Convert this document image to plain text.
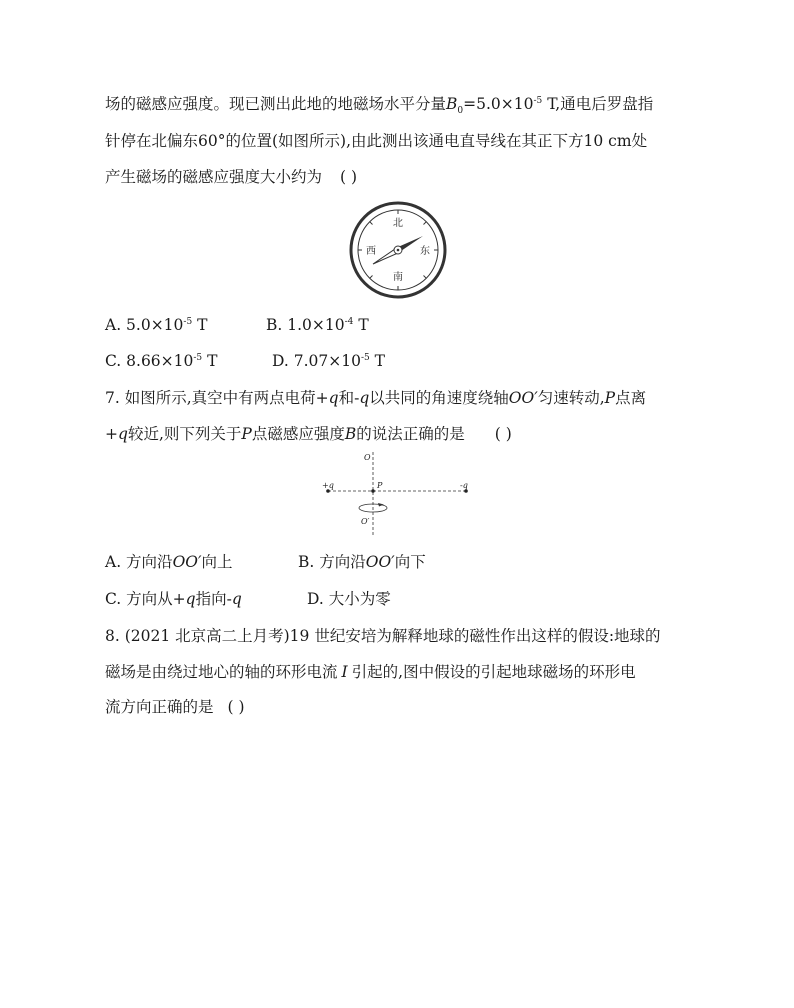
场的磁感应强度。现已测出此地的地磁场水平分量$B_0=5.0\times 10^{-5}$ T,通电后罗盘指
针停在北偏东60°的位置(如图所示),由此测出该通电直导线在其正下方10 cm处
产生磁场的磁感应强度大小约为 ( )
北
南
西	东
A. $5.0\times 10^{-5}$ T	B. $1.0\times 10^{-4}$ T
C. $8.66\times 10^{-5}$ T	D. $7.07\times 10^{-5}$ T
7. 如图所示,真空中有两点电荷+q和-q以共同的角速度绕轴OO′匀速转动,P点离
+q较近,则下列关于P点磁感应强度B的说法正确的是 ( )
O
O′
P
+q	-q
A. 方向沿OO′向上	B. 方向沿OO′向下
C. 方向从+q指向-q	D. 大小为零
8. (2021 北京高二上月考)19 世纪安培为解释地球的磁性作出这样的假设:地球的
磁场是由绕过地心的轴的环形电流 I 引起的,图中假设的引起地球磁场的环形电
流方向正确的是 ( )
